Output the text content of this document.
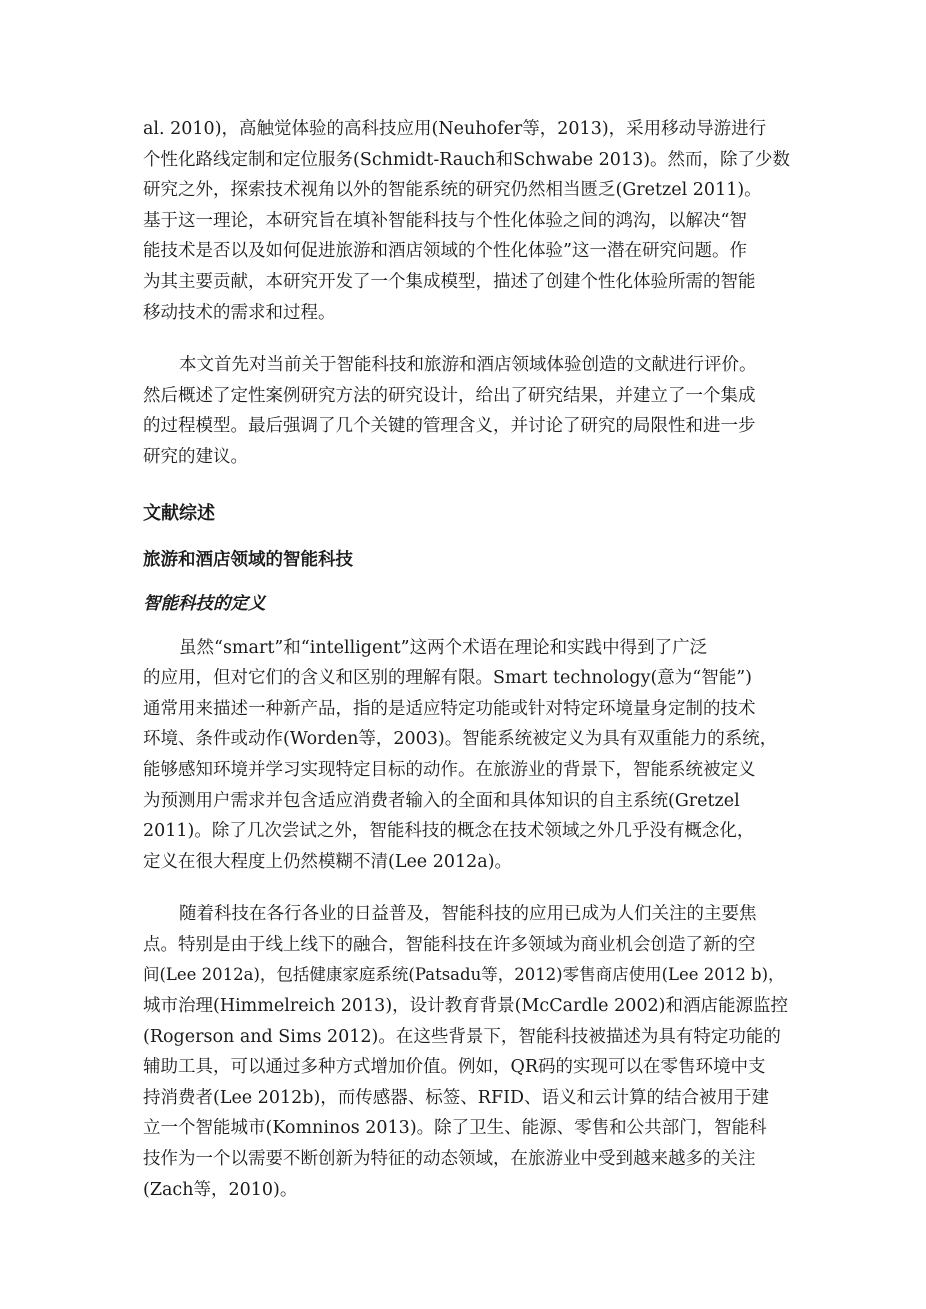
al. 2010)，高触觉体验的高科技应用(Neuhofer等，2013)，采用移动导游进行
个性化路线定制和定位服务(Schmidt-Rauch和Schwabe 2013)。然而，除了少数
研究之外，探索技术视角以外的智能系统的研究仍然相当匮乏(Gretzel 2011)。
基于这一理论，本研究旨在填补智能科技与个性化体验之间的鸿沟，以解决“智
能技术是否以及如何促进旅游和酒店领域的个性化体验”这一潜在研究问题。作
为其主要贡献，本研究开发了一个集成模型，描述了创建个性化体验所需的智能
移动技术的需求和过程。
本文首先对当前关于智能科技和旅游和酒店领域体验创造的文献进行评价。
然后概述了定性案例研究方法的研究设计，给出了研究结果，并建立了一个集成
的过程模型。最后强调了几个关键的管理含义，并讨论了研究的局限性和进一步
研究的建议。
文献综述
旅游和酒店领域的智能科技
智能科技的定义
虽然“smart”和“intelligent”这两个术语在理论和实践中得到了广泛
的应用，但对它们的含义和区别的理解有限。Smart technology(意为“智能”)
通常用来描述一种新产品，指的是适应特定功能或针对特定环境量身定制的技术
环境、条件或动作(Worden等，2003)。智能系统被定义为具有双重能力的系统，
能够感知环境并学习实现特定目标的动作。在旅游业的背景下，智能系统被定义
为预测用户需求并包含适应消费者输入的全面和具体知识的自主系统(Gretzel
2011)。除了几次尝试之外，智能科技的概念在技术领域之外几乎没有概念化，
定义在很大程度上仍然模糊不清(Lee 2012a)。
随着科技在各行各业的日益普及，智能科技的应用已成为人们关注的主要焦
点。特别是由于线上线下的融合，智能科技在许多领域为商业机会创造了新的空
间(Lee 2012a)，包括健康家庭系统(Patsadu等，2012)零售商店使用(Lee 2012 b)，
城市治理(Himmelreich 2013)，设计教育背景(McCardle 2002)和酒店能源监控
(Rogerson and Sims 2012)。在这些背景下，智能科技被描述为具有特定功能的
辅助工具，可以通过多种方式增加价值。例如，QR码的实现可以在零售环境中支
持消费者(Lee 2012b)，而传感器、标签、RFID、语义和云计算的结合被用于建
立一个智能城市(Komninos 2013)。除了卫生、能源、零售和公共部门，智能科
技作为一个以需要不断创新为特征的动态领域，在旅游业中受到越来越多的关注
(Zach等，2010)。
